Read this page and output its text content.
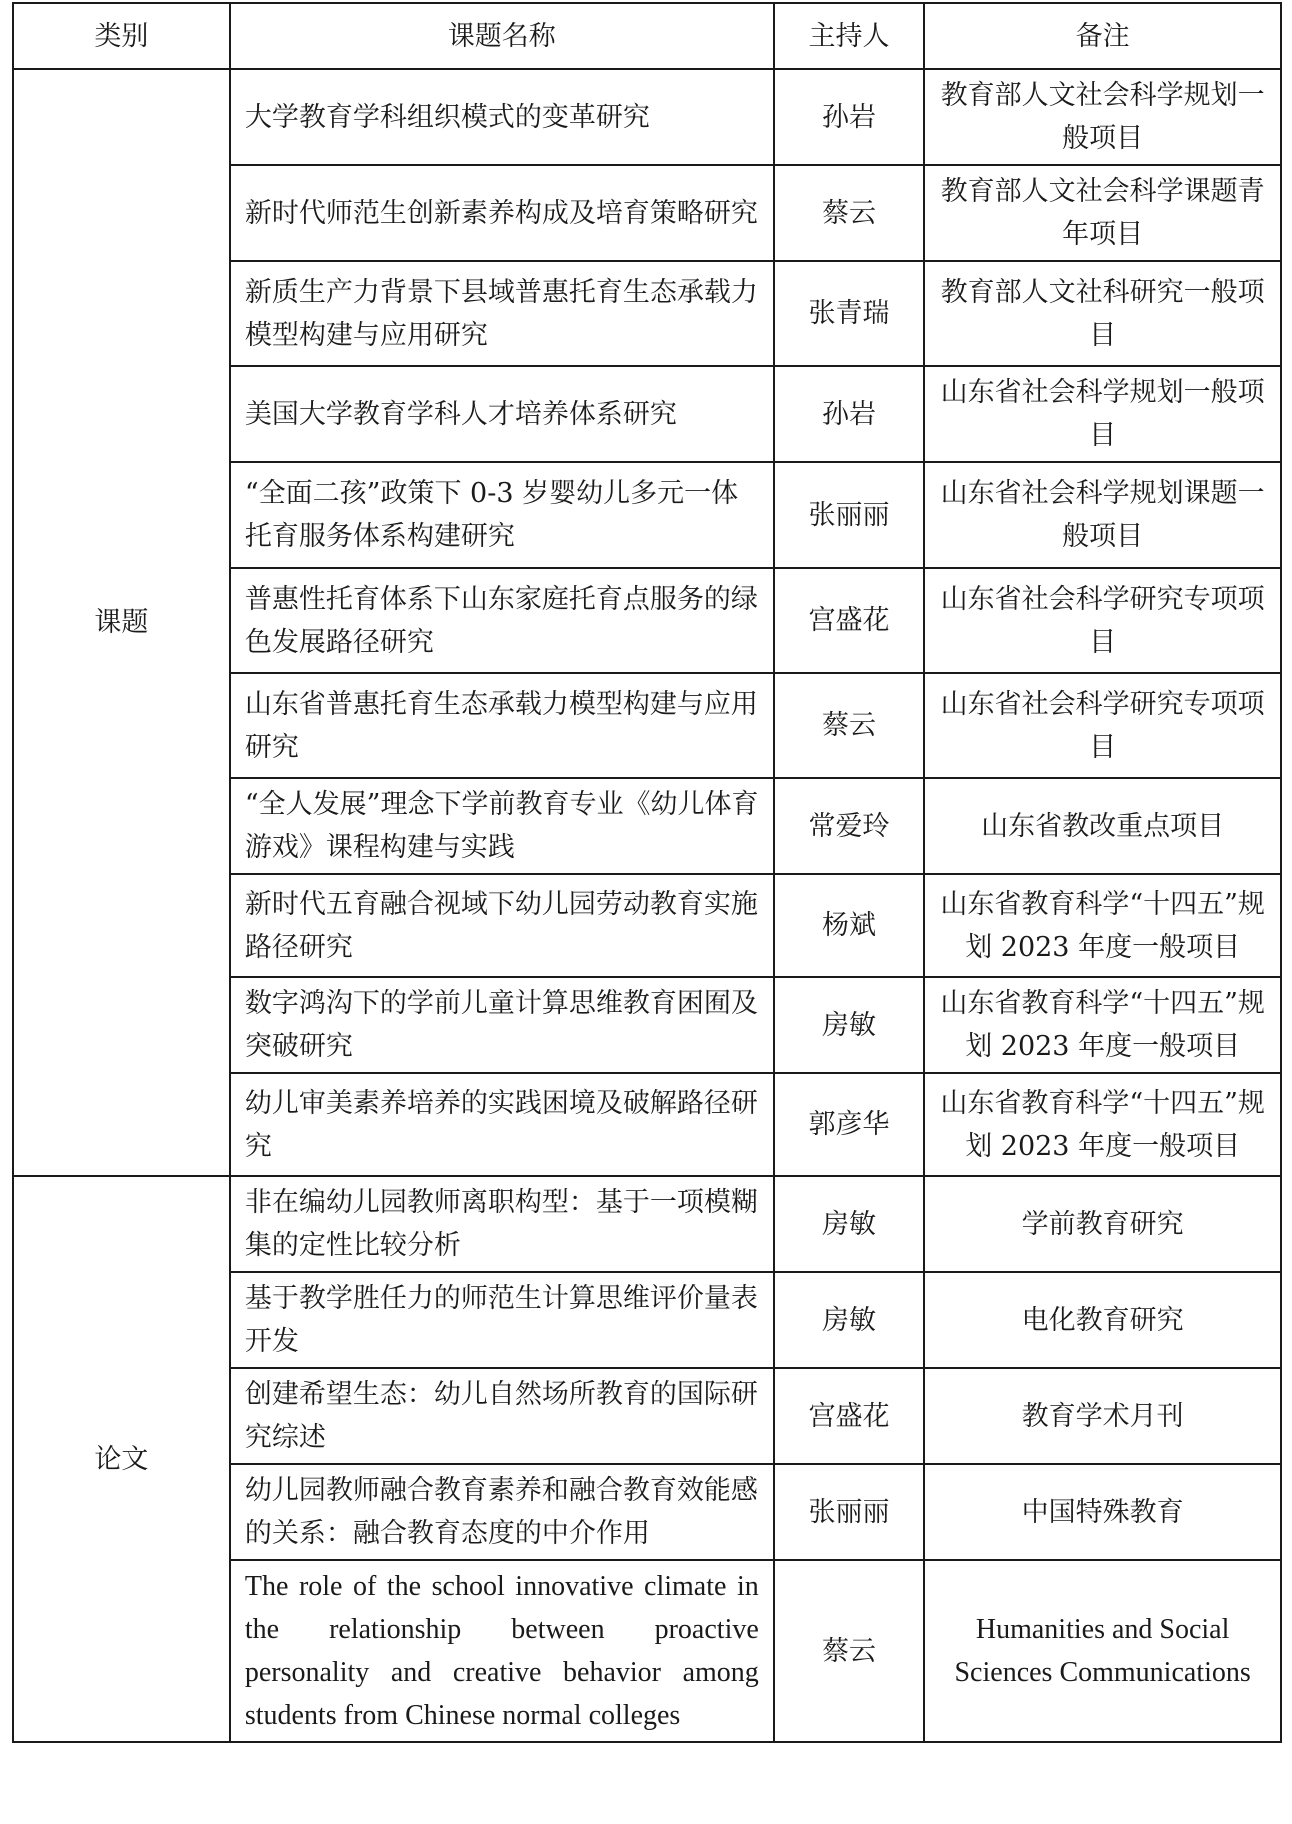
类别	课题名称	主持人	备注
课题	大学教育学科组织模式的变革研究	孙岩	教育部人文社会科学规划一般项目
	新时代师范生创新素养构成及培育策略研究	蔡云	教育部人文社会科学课题青年项目
	新质生产力背景下县域普惠托育生态承载力模型构建与应用研究	张青瑞	教育部人文社科研究一般项目
	美国大学教育学科人才培养体系研究	孙岩	山东省社会科学规划一般项目
	“全面二孩”政策下 0-3 岁婴幼儿多元一体托育服务体系构建研究	张丽丽	山东省社会科学规划课题一般项目
	普惠性托育体系下山东家庭托育点服务的绿色发展路径研究	宫盛花	山东省社会科学研究专项项目
	山东省普惠托育生态承载力模型构建与应用研究	蔡云	山东省社会科学研究专项项目
	“全人发展”理念下学前教育专业《幼儿体育游戏》课程构建与实践	常爱玲	山东省教改重点项目
	新时代五育融合视域下幼儿园劳动教育实施路径研究	杨斌	山东省教育科学“十四五”规划 2023 年度一般项目
	数字鸿沟下的学前儿童计算思维教育困囿及突破研究	房敏	山东省教育科学“十四五”规划 2023 年度一般项目
	幼儿审美素养培养的实践困境及破解路径研究	郭彦华	山东省教育科学“十四五”规划 2023 年度一般项目
论文	非在编幼儿园教师离职构型：基于一项模糊集的定性比较分析	房敏	学前教育研究
	基于教学胜任力的师范生计算思维评价量表开发	房敏	电化教育研究
	创建希望生态：幼儿自然场所教育的国际研究综述	宫盛花	教育学术月刊
	幼儿园教师融合教育素养和融合教育效能感的关系：融合教育态度的中介作用	张丽丽	中国特殊教育
	The role of the school innovative climate in the relationship between proactive personality and creative behavior among students from Chinese normal colleges	蔡云	Humanities and Social Sciences Communications
